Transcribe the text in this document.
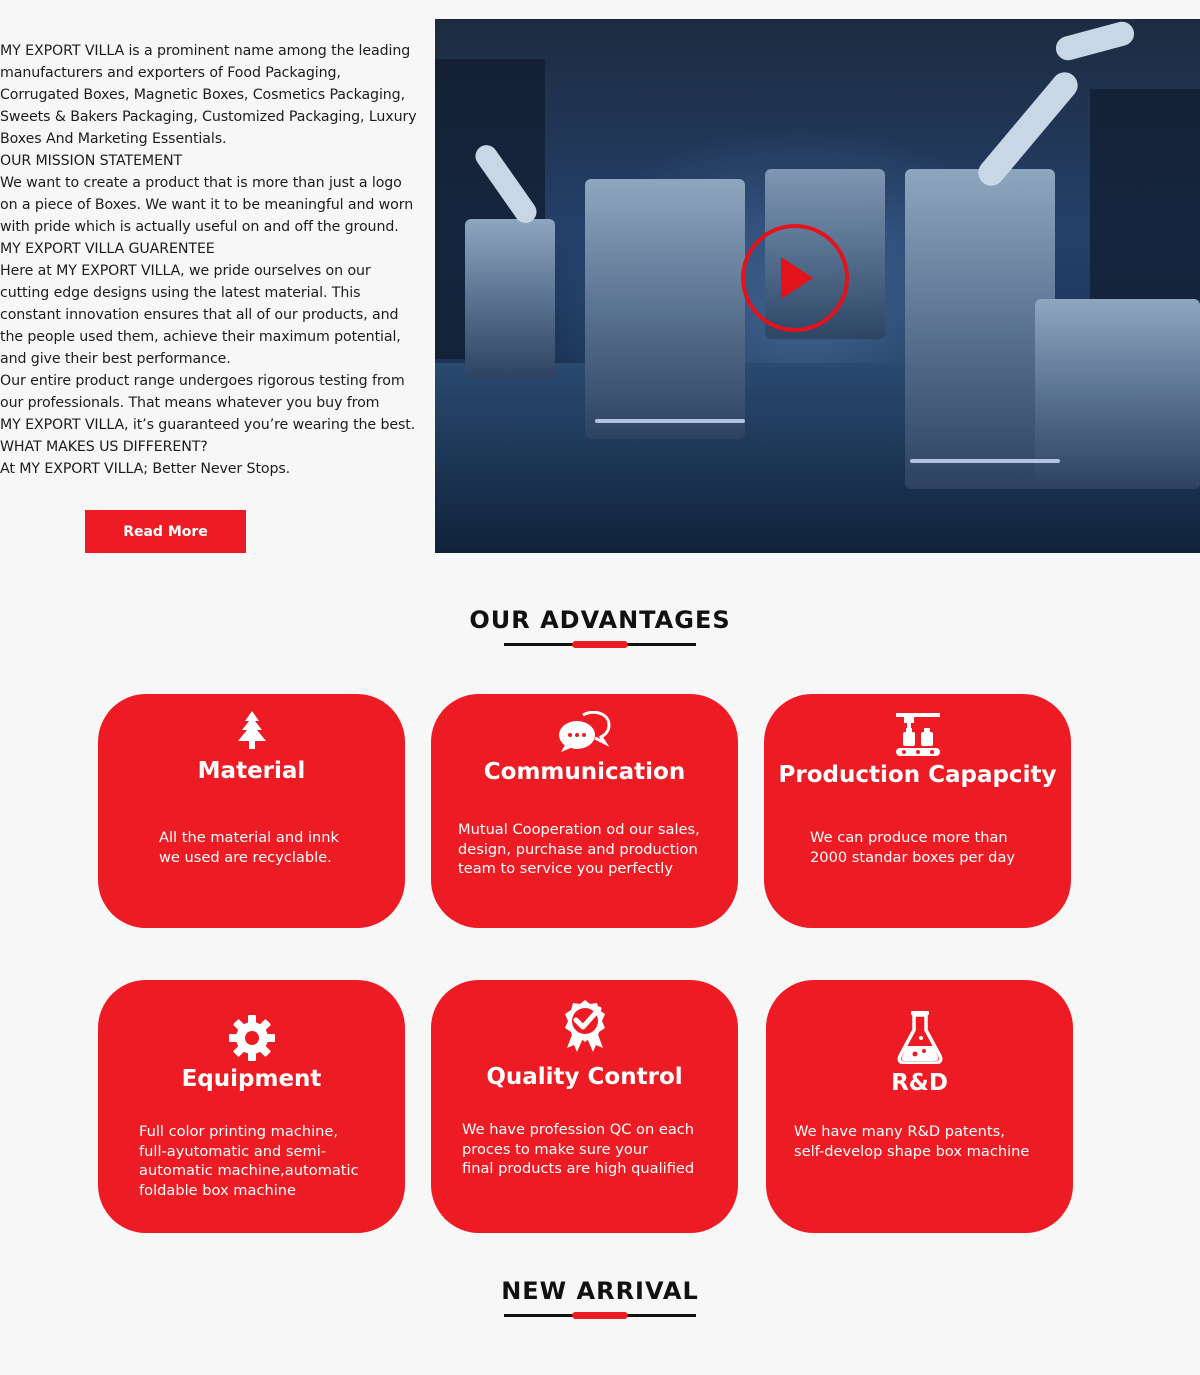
MY EXPORT VILLA is a prominent name among the leading manufacturers and exporters of Food Packaging, Corrugated Boxes, Magnetic Boxes, Cosmetics Packaging, Sweets & Bakers Packaging, Customized Packaging, Luxury Boxes And Marketing Essentials.

OUR MISSION STATEMENT

We want to create a product that is more than just a logo on a piece of Boxes. We want it to be meaningful and worn with pride which is actually useful on and off the ground.

MY EXPORT VILLA GUARENTEE

Here at MY EXPORT VILLA, we pride ourselves on our cutting edge designs using the latest material. This constant innovation ensures that all of our products, and the people used them, achieve their maximum potential, and give their best performance.

Our entire product range undergoes rigorous testing from our professionals. That means whatever you buy from

MY EXPORT VILLA, it’s guaranteed you’re wearing the best.

WHAT MAKES US DIFFERENT?

At MY EXPORT VILLA; Better Never Stops.

Read More
OUR ADVANTAGES
Material
All the material and innk
we used are recyclable.
Communication
Mutual Cooperation od our sales,
design, purchase and production
team to service you perfectly
Production Capapcity
We can produce more than
2000 standar boxes per day
Equipment
Full color printing machine,
full-ayutomatic and semi-
automatic machine,automatic
foldable box machine
Quality Control
We have profession QC on each
proces to make sure your
final products are high qualified
R&D
We have many R&D patents,
self-develop shape box machine
NEW ARRIVAL
